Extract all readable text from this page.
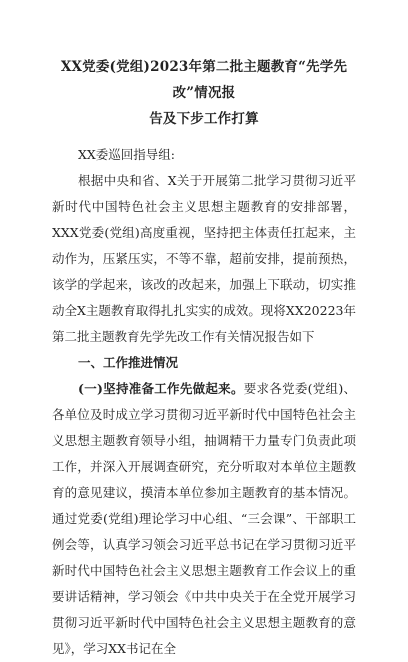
XX党委(党组)2023年第二批主题教育“先学先改”情况报
告及下步工作打算

XX委巡回指导组:

根据中央和省、X关于开展第二批学习贯彻习近平新时代中国特色社会主义思想主题教育的安排部署，XXX党委(党组)高度重视，坚持把主体责任扛起来，主动作为，压紧压实，不等不靠，超前安排，提前预热，该学的学起来，该改的改起来，加强上下联动，切实推动全X主题教育取得扎扎实实的成效。现将XX20223年第二批主题教育先学先改工作有关情况报告如下

一、工作推进情况

(一)坚持准备工作先做起来。要求各党委(党组)、各单位及时成立学习贯彻习近平新时代中国特色社会主义思想主题教育领导小组，抽调精干力量专门负责此项工作，并深入开展调查研究，充分听取对本单位主题教育的意见建议，摸清本单位参加主题教育的基本情况。通过党委(党组)理论学习中心组、“三会课”、干部职工例会等，认真学习领会习近平总书记在学习贯彻习近平新时代中国特色社会主义思想主题教育工作会议上的重要讲话精神，学习领会《中共中央关于在全党开展学习贯彻习近平新时代中国特色社会主义思想主题教育的意见》，学习XX书记在全
